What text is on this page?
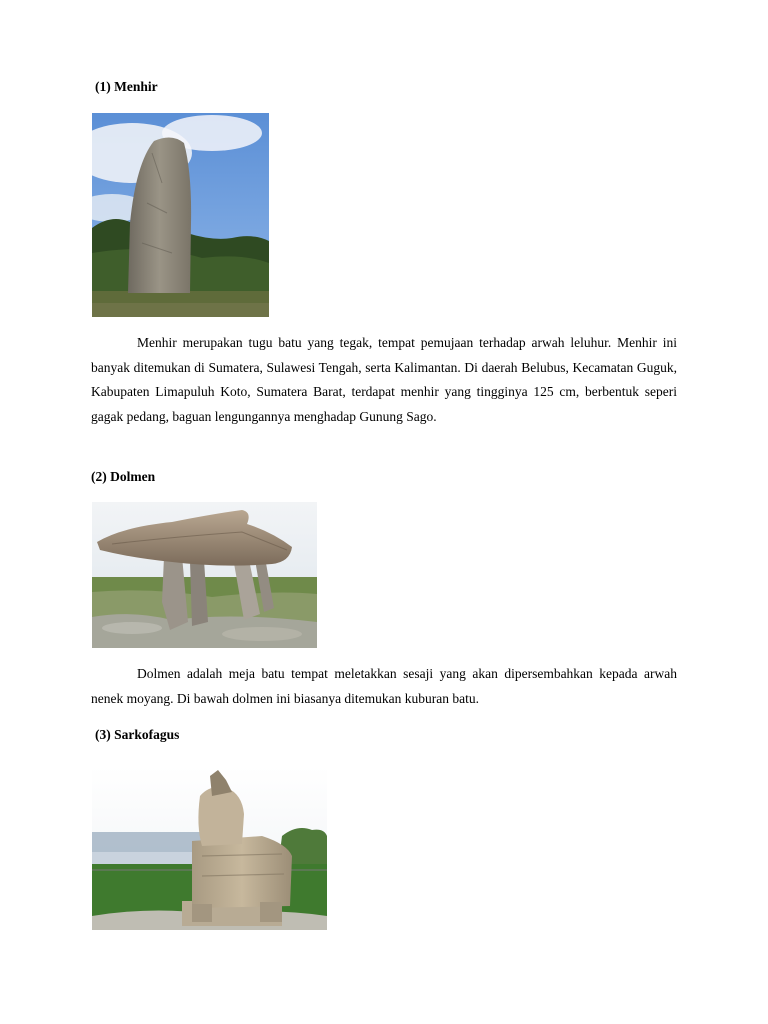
(1) Menhir

Menhir merupakan tugu batu yang tegak, tempat pemujaan terhadap arwah leluhur. Menhir ini banyak ditemukan di Sumatera, Sulawesi Tengah, serta Kalimantan. Di daerah Belubus, Kecamatan Guguk, Kabupaten Limapuluh Koto, Sumatera Barat, terdapat menhir yang tingginya 125 cm, berbentuk seperi gagak pedang, baguan lengungannya menghadap Gunung Sago.

(2) Dolmen

Dolmen adalah meja batu tempat meletakkan sesaji yang akan dipersembahkan kepada arwah nenek moyang. Di bawah dolmen ini biasanya ditemukan kuburan batu.

(3) Sarkofagus
